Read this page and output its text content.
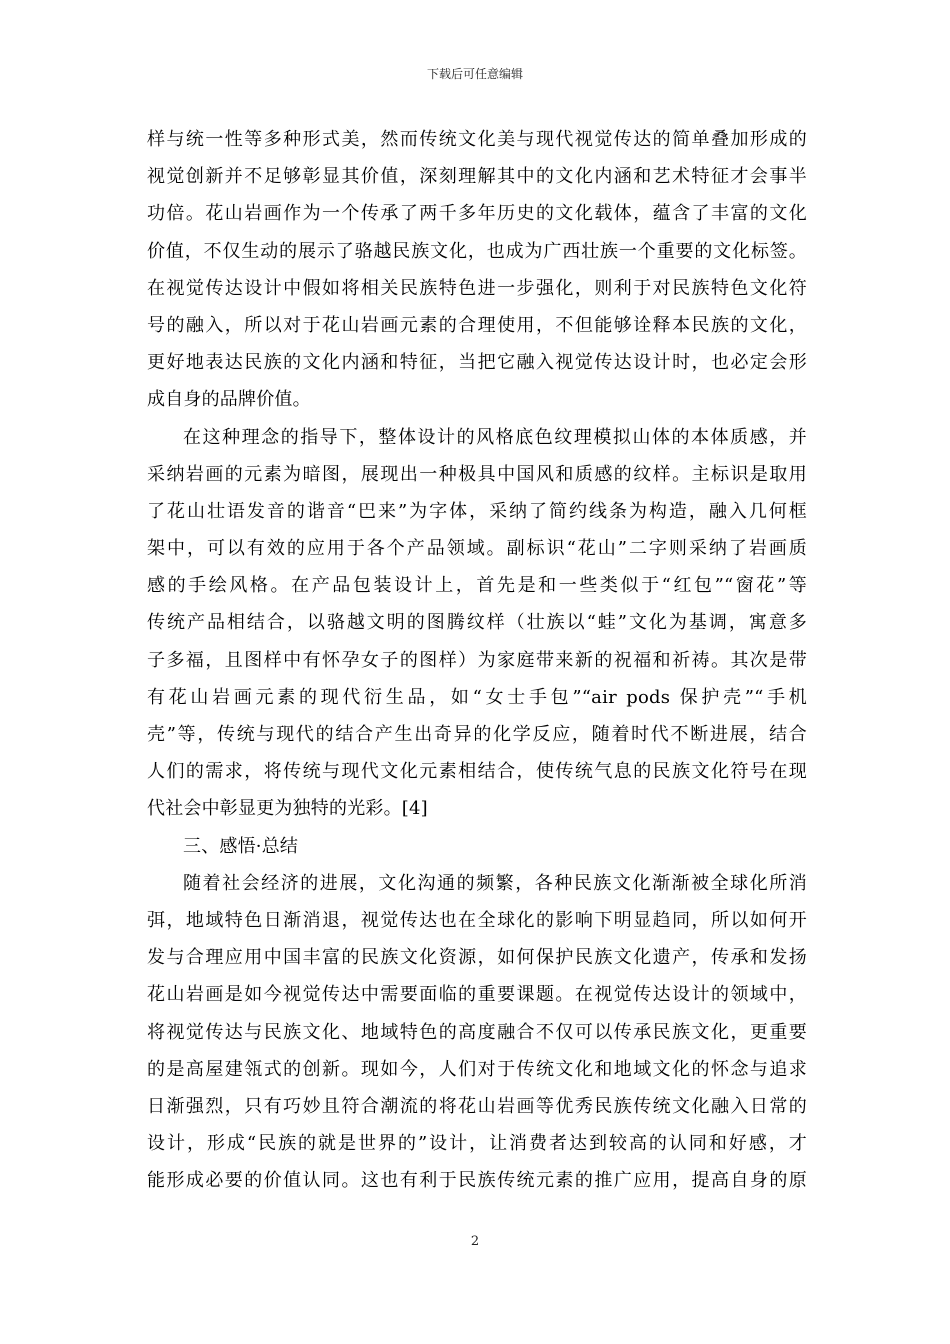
下载后可任意编辑
样与统一性等多种形式美，然而传统文化美与现代视觉传达的简单叠加形成的
视觉创新并不足够彰显其价值，深刻理解其中的文化内涵和艺术特征才会事半
功倍。花山岩画作为一个传承了两千多年历史的文化载体，蕴含了丰富的文化
价值，不仅生动的展示了骆越民族文化，也成为广西壮族一个重要的文化标签。
在视觉传达设计中假如将相关民族特色进一步强化，则利于对民族特色文化符
号的融入，所以对于花山岩画元素的合理使用，不但能够诠释本民族的文化，
更好地表达民族的文化内涵和特征，当把它融入视觉传达设计时，也必定会形
成自身的品牌价值。
在这种理念的指导下，整体设计的风格底色纹理模拟山体的本体质感，并
采纳岩画的元素为暗图，展现出一种极具中国风和质感的纹样。主标识是取用
了花山壮语发音的谐音“巴来”为字体，采纳了简约线条为构造，融入几何框
架中，可以有效的应用于各个产品领域。副标识“花山”二字则采纳了岩画质
感的手绘风格。在产品包装设计上，首先是和一些类似于“红包”“窗花”等
传统产品相结合，以骆越文明的图腾纹样（壮族以“蛙”文化为基调，寓意多
子多福，且图样中有怀孕女子的图样）为家庭带来新的祝福和祈祷。其次是带
有花山岩画元素的现代衍生品，如“女士手包”“air pods 保护壳”“手机
壳”等，传统与现代的结合产生出奇异的化学反应，随着时代不断进展，结合
人们的需求，将传统与现代文化元素相结合，使传统气息的民族文化符号在现
代社会中彰显更为独特的光彩。[4]
三、感悟·总结
随着社会经济的进展，文化沟通的频繁，各种民族文化渐渐被全球化所消
弭，地域特色日渐消退，视觉传达也在全球化的影响下明显趋同，所以如何开
发与合理应用中国丰富的民族文化资源，如何保护民族文化遗产，传承和发扬
花山岩画是如今视觉传达中需要面临的重要课题。在视觉传达设计的领域中，
将视觉传达与民族文化、地域特色的高度融合不仅可以传承民族文化，更重要
的是高屋建瓴式的创新。现如今，人们对于传统文化和地域文化的怀念与追求
日渐强烈，只有巧妙且符合潮流的将花山岩画等优秀民族传统文化融入日常的
设计，形成“民族的就是世界的”设计，让消费者达到较高的认同和好感，才
能形成必要的价值认同。这也有利于民族传统元素的推广应用，提高自身的原
2
